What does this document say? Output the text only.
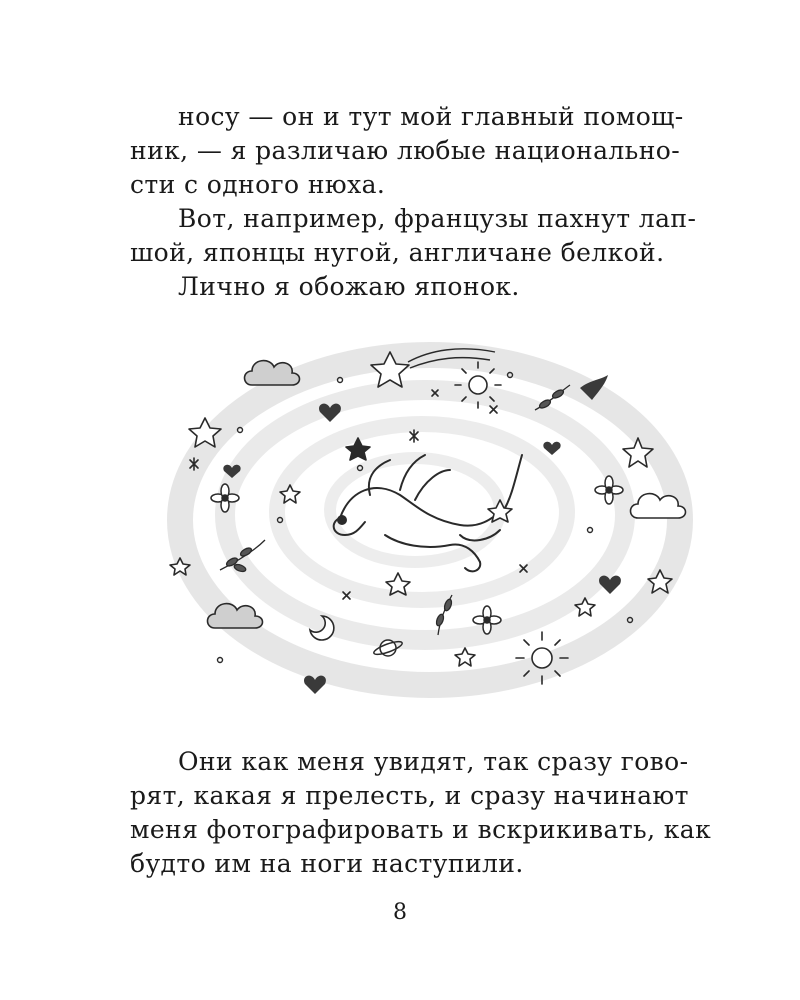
носу — он и тут мой главный помощ-
ник, — я различаю любые национально-
сти с одного нюха.
Вот, например, французы пахнут лап-
шой, японцы нугой, англичане белкой.
Лично я обожаю японок.
Они как меня увидят, так сразу гово-
рят, какая я прелесть, и сразу начинают
меня фотографировать и вскрикивать, как
будто им на ноги наступили.
8
